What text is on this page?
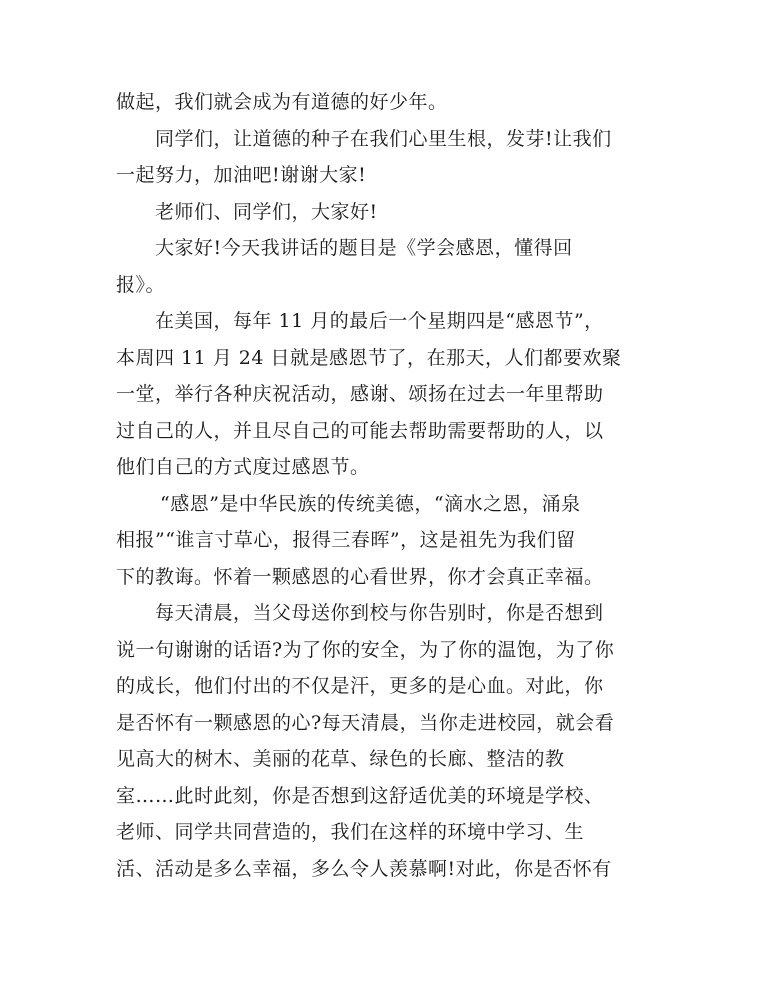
做起，我们就会成为有道德的好少年。
同学们，让道德的种子在我们心里生根，发芽!让我们
一起努力，加油吧!谢谢大家!
老师们、同学们，大家好!
大家好!今天我讲话的题目是《学会感恩，懂得回
报》。
在美国，每年 11 月的最后一个星期四是“感恩节”，
本周四 11 月 24 日就是感恩节了，在那天，人们都要欢聚
一堂，举行各种庆祝活动，感谢、颂扬在过去一年里帮助
过自己的人，并且尽自己的可能去帮助需要帮助的人，以
他们自己的方式度过感恩节。
“感恩”是中华民族的传统美德，“滴水之恩，涌泉
相报”“谁言寸草心，报得三春晖”，这是祖先为我们留
下的教诲。怀着一颗感恩的心看世界，你才会真正幸福。
每天清晨，当父母送你到校与你告别时，你是否想到
说一句谢谢的话语?为了你的安全，为了你的温饱，为了你
的成长，他们付出的不仅是汗，更多的是心血。对此，你
是否怀有一颗感恩的心?每天清晨，当你走进校园，就会看
见高大的树木、美丽的花草、绿色的长廊、整洁的教
室……此时此刻，你是否想到这舒适优美的环境是学校、
老师、同学共同营造的，我们在这样的环境中学习、生
活、活动是多么幸福，多么令人羡慕啊!对此，你是否怀有
